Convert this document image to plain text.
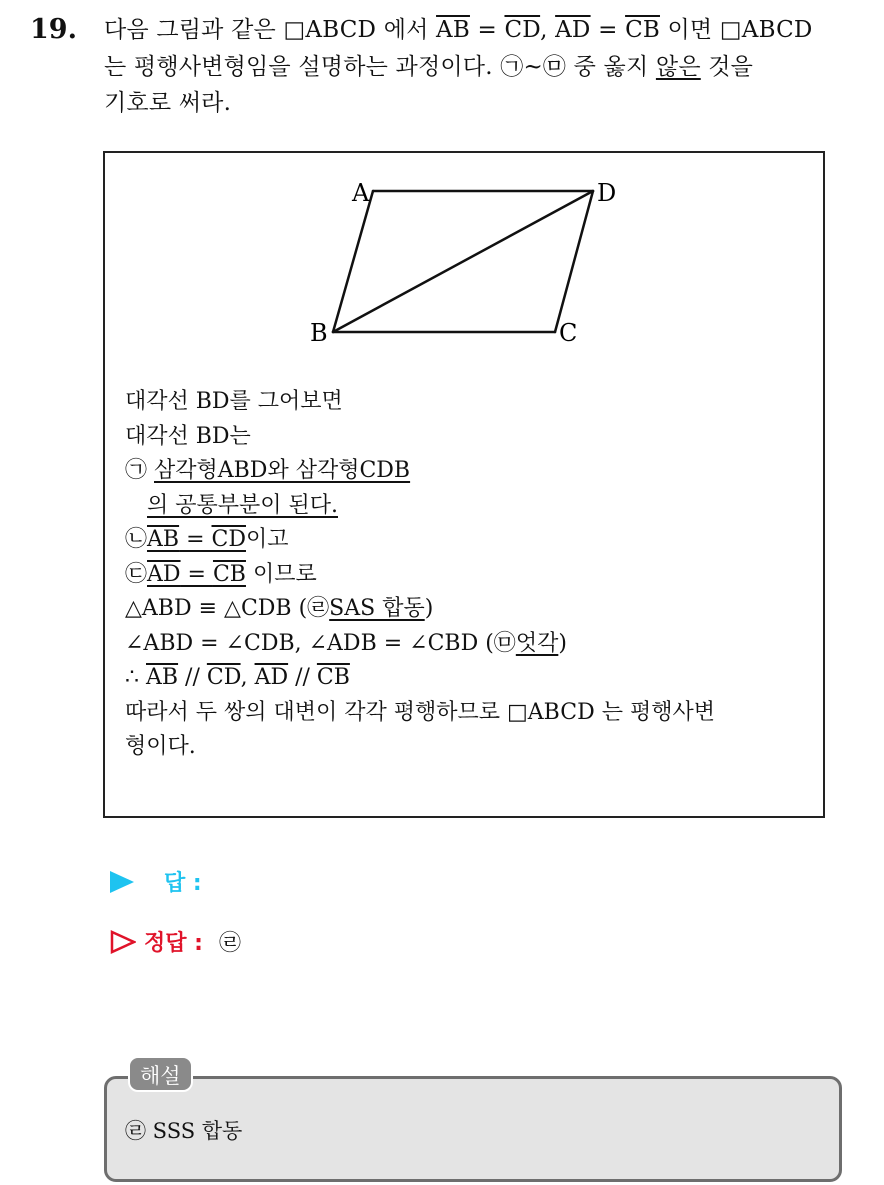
19. 다음 그림과 같은 □ABCD 에서 $\overline{AB} = \overline{CD}$, $\overline{AD} = \overline{CB}$ 이면 □ABCD
는 평행사변형임을 설명하는 과정이다. ㉠~㉤ 중 옳지 않은 것을
기호로 써라.
A	D
B	C
대각선 BD를 그어보면
대각선 BD는
㉠ 삼각형ABD와 삼각형CDB
의 공통부분이 된다.
㉡AB = CD이고
㉢AD = CB 이므로
△ABD ≡ △CDB (㉣SAS 합동)
∠ABD = ∠CDB, ∠ADB = ∠CBD (㉤엇각)
∴ $\overline{AB} // \overline{CD}$, $\overline{AD} // \overline{CB}$
따라서 두 쌍의 대변이 각각 평행하므로 □ABCD 는 평행사변
형이다.
답 :
정답 : ㉣
㉣ SSS 합동
해설
